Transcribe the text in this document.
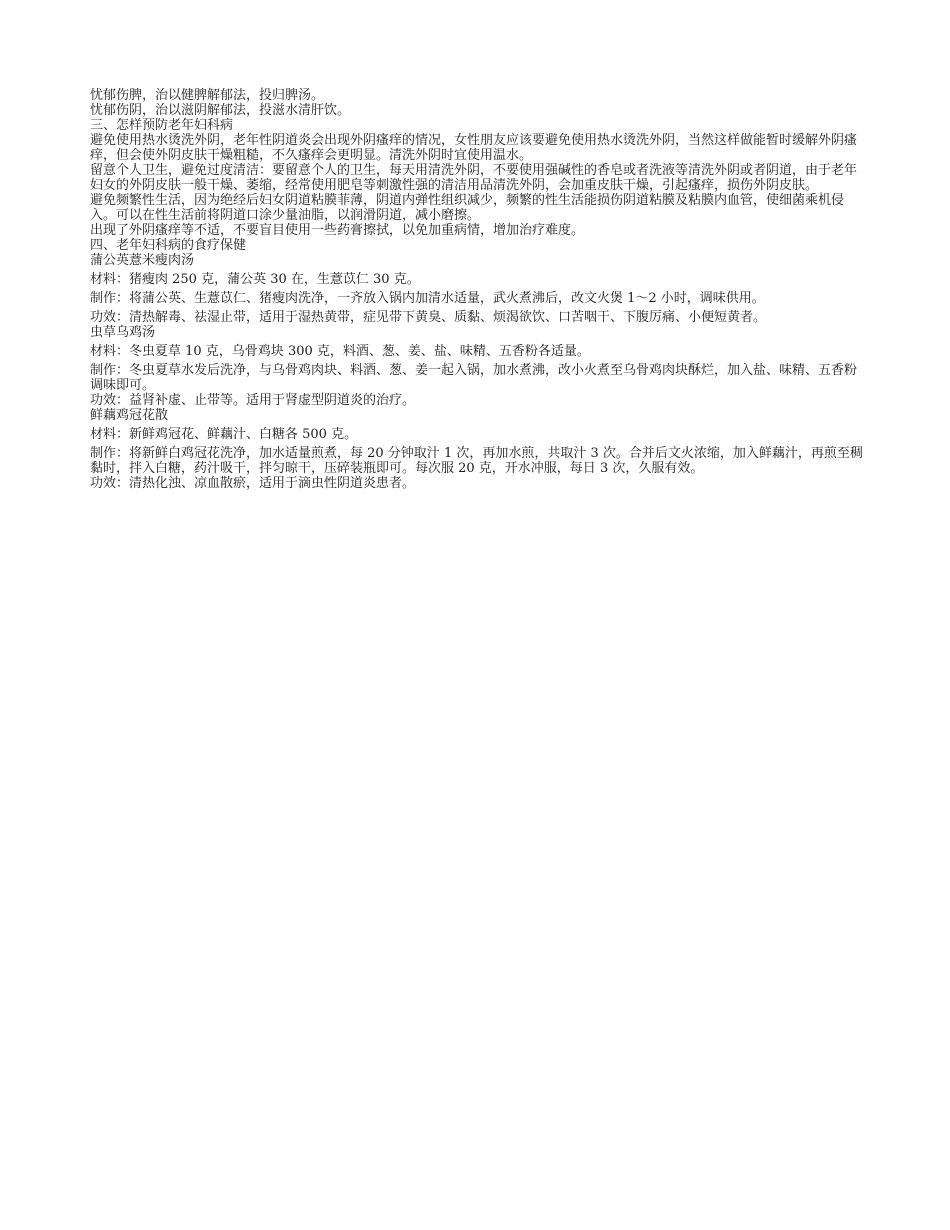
忧郁伤脾，治以健脾解郁法，投归脾汤。

忧郁伤阴，治以滋阴解郁法，投滋水清肝饮。

三、怎样预防老年妇科病

避免使用热水烫洗外阴，老年性阴道炎会出现外阴瘙痒的情况，女性朋友应该要避免使用热水烫洗外阴，当然这样做能暂时缓解外阴瘙痒，但会使外阴皮肤干燥粗糙，不久瘙痒会更明显。清洗外阴时宜使用温水。

留意个人卫生，避免过度清洁：要留意个人的卫生，每天用清洗外阴，不要使用强碱性的香皂或者洗液等清洗外阴或者阴道，由于老年妇女的外阴皮肤一般干燥、萎缩，经常使用肥皂等刺激性强的清洁用品清洗外阴，会加重皮肤干燥，引起瘙痒，损伤外阴皮肤。

避免频繁性生活，因为绝经后妇女阴道粘膜菲薄，阴道内弹性组织减少，频繁的性生活能损伤阴道粘膜及粘膜内血管，使细菌乘机侵入。可以在性生活前将阴道口涂少量油脂，以润滑阴道，减小磨擦。

出现了外阴瘙痒等不适，不要盲目使用一些药膏擦拭，以免加重病情，增加治疗难度。

四、老年妇科病的食疗保健

蒲公英薏米瘦肉汤

材料：猪瘦肉 250 克，蒲公英 30 在，生薏苡仁 30 克。

制作：将蒲公英、生薏苡仁、猪瘦肉洗净，一齐放入锅内加清水适量，武火煮沸后，改文火煲 1～2 小时，调味供用。

功效：清热解毒、祛湿止带，适用于湿热黄带，症见带下黄臭、质黏、烦渴欲饮、口苦咽干、下腹厉痛、小便短黄者。

虫草乌鸡汤

材料：冬虫夏草 10 克，乌骨鸡块 300 克，料酒、葱、姜、盐、味精、五香粉各适量。

制作：冬虫夏草水发后洗净，与乌骨鸡肉块、料酒、葱、姜一起入锅，加水煮沸，改小火煮至乌骨鸡肉块酥烂，加入盐、味精、五香粉调味即可。

功效：益肾补虚、止带等。适用于肾虚型阴道炎的治疗。

鲜藕鸡冠花散

材料：新鲜鸡冠花、鲜藕汁、白糖各 500 克。

制作：将新鲜白鸡冠花洗净，加水适量煎煮，每 20 分钟取汁 1 次，再加水煎，共取汁 3 次。合并后文火浓缩，加入鲜藕汁，再煎至稠黏时，拌入白糖，药汁吸干，拌匀晾干，压碎装瓶即可。每次服 20 克，开水冲服，每日 3 次，久服有效。

功效：清热化浊、凉血散瘀，适用于滴虫性阴道炎患者。
